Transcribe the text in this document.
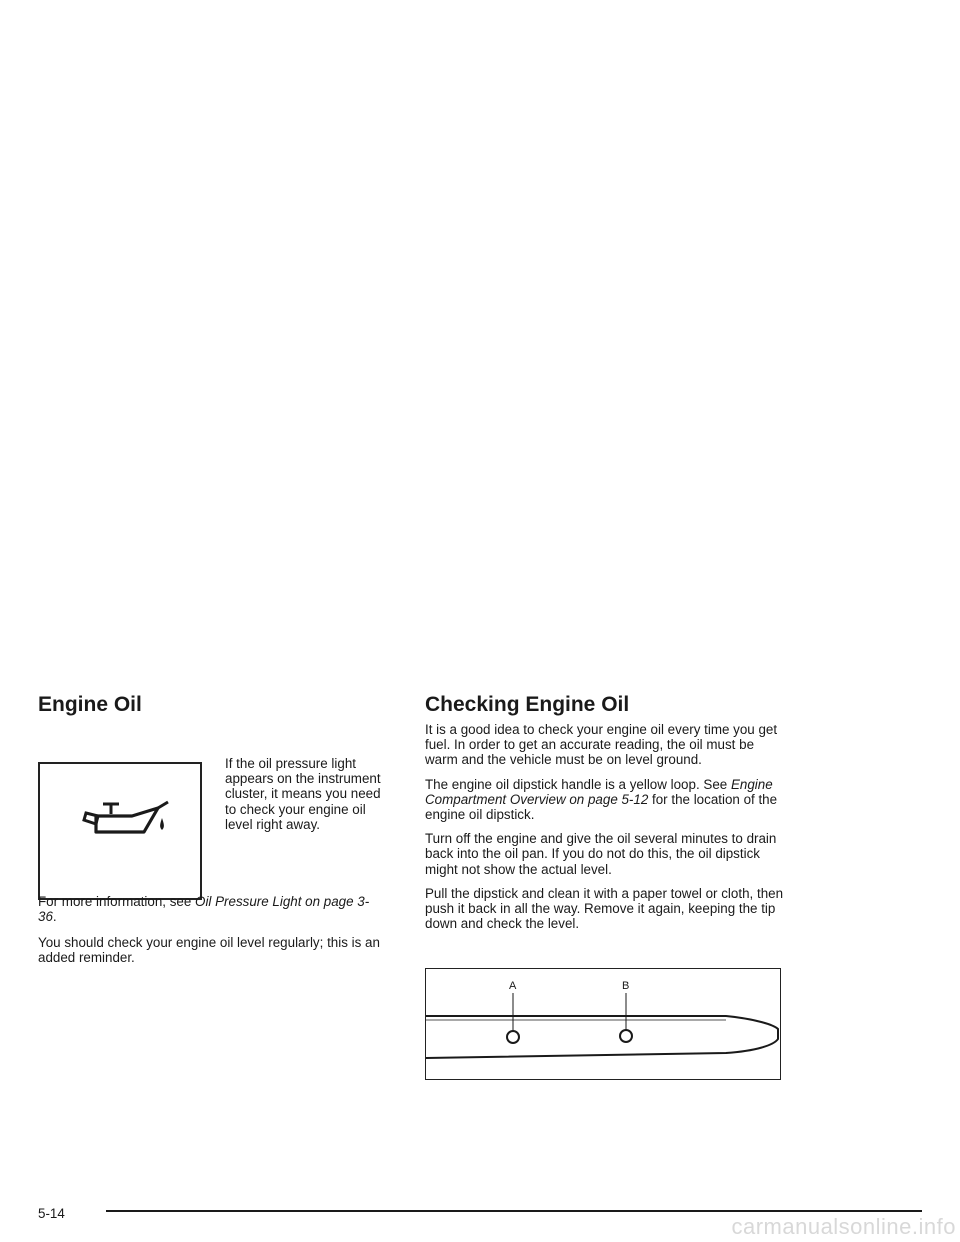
Engine Oil

If the oil pressure light appears on the instrument cluster, it means you need to check your engine oil level right away.

For more information, see Oil Pressure Light on page 3-36.

You should check your engine oil level regularly; this is an added reminder.

Checking Engine Oil

It is a good idea to check your engine oil every time you get fuel. In order to get an accurate reading, the oil must be warm and the vehicle must be on level ground.

The engine oil dipstick handle is a yellow loop. See Engine Compartment Overview on page 5-12 for the location of the engine oil dipstick.

Turn off the engine and give the oil several minutes to drain back into the oil pan. If you do not do this, the oil dipstick might not show the actual level.

Pull the dipstick and clean it with a paper towel or cloth, then push it back in all the way. Remove it again, keeping the tip down and check the level.

A	B
5-14
carmanualsonline.info
